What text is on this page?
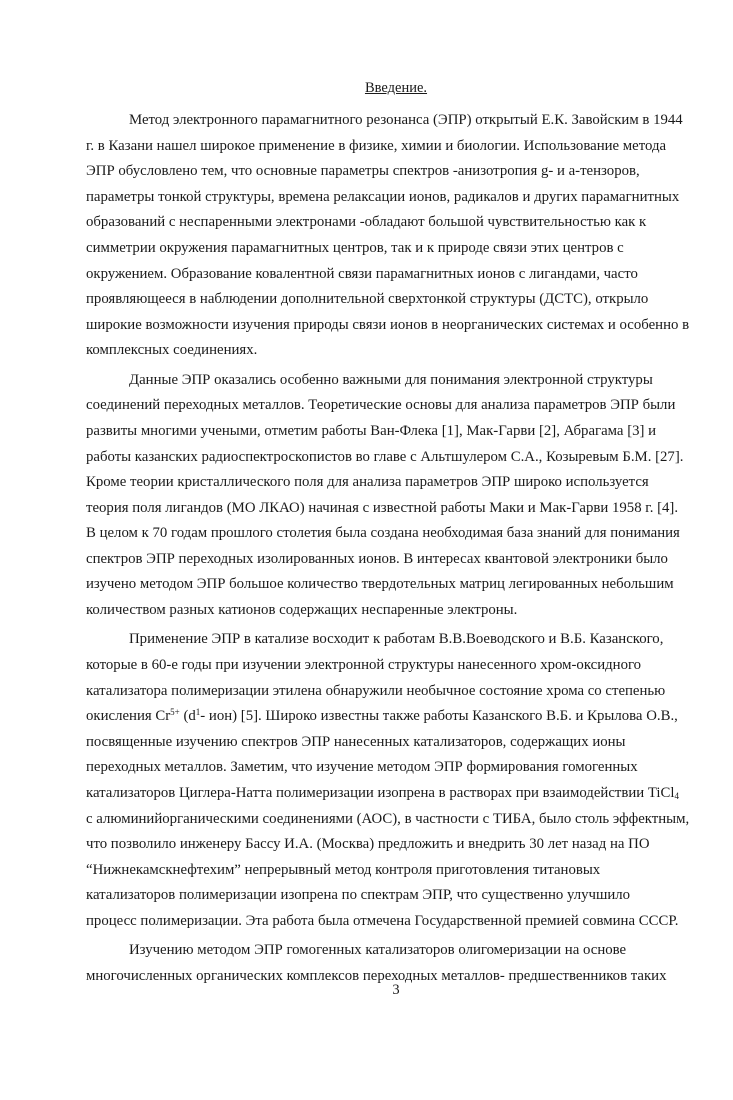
Введение.

Метод электронного парамагнитного резонанса (ЭПР) открытый Е.К. Завойским в 1944
г. в Казани нашел широкое применение в физике, химии и биологии. Использование метода
ЭПР обусловлено тем, что основные параметры спектров -анизотропия g- и а-тензоров,
параметры тонкой структуры, времена релаксации ионов, радикалов и других парамагнитных
образований с неспаренными электронами -обладают большой чувствительностью как к
симметрии окружения парамагнитных центров, так и к природе связи этих центров с
окружением. Образование ковалентной связи парамагнитных ионов с лигандами, часто
проявляющееся в наблюдении дополнительной сверхтонкой структуры (ДСТС), открыло
широкие возможности изучения природы связи ионов в неорганических системах и особенно в
комплексных соединениях.

Данные ЭПР оказались особенно важными для понимания электронной структуры
соединений переходных металлов. Теоретические основы для анализа параметров ЭПР были
развиты многими учеными, отметим работы Ван-Флека [1], Мак-Гарви [2], Абрагама [3] и
работы казанских радиоспектроскопистов во главе с Альтшулером С.А., Козыревым Б.М. [27].
Кроме теории кристаллического поля для анализа параметров ЭПР широко используется
теория поля лигандов (МО ЛКАО) начиная с известной работы Маки и Мак-Гарви 1958 г. [4].
В целом к 70 годам прошлого столетия была создана необходимая база знаний для понимания
спектров ЭПР переходных изолированных ионов. В интересах квантовой электроники было
изучено методом ЭПР большое количество твердотельных матриц легированных небольшим
количеством разных катионов содержащих неспаренные электроны.

Применение ЭПР в катализе восходит к работам В.В.Воеводского и В.Б. Казанского,
которые в 60-е годы при изучении электронной структуры нанесенного хром-оксидного
катализатора полимеризации этилена обнаружили необычное состояние хрома со степенью
окисления $Cr^{5+}$ ($d^1-$ ион) [5]. Широко известны также работы Казанского В.Б. и Крылова О.В.,
посвященные изучению спектров ЭПР нанесенных катализаторов, содержащих ионы
переходных металлов. Заметим, что изучение методом ЭПР формирования гомогенных
катализаторов Циглера-Натта полимеризации изопрена в растворах при взаимодействии TiCl$_4$
с алюминийорганическими соединениями (АОС), в частности с ТИБА, было столь эффектным,
что позволило инженеру Бассу И.А. (Москва) предложить и внедрить 30 лет назад на ПО
“Нижнекамскнефтехим” непрерывный метод контроля приготовления титановых
катализаторов полимеризации изопрена по спектрам ЭПР, что существенно улучшило
процесс полимеризации. Эта работа была отмечена Государственной премией совмина СССР.

Изучению методом ЭПР гомогенных катализаторов олигомеризации на основе
многочисленных органических комплексов переходных металлов- предшественников таких

3
